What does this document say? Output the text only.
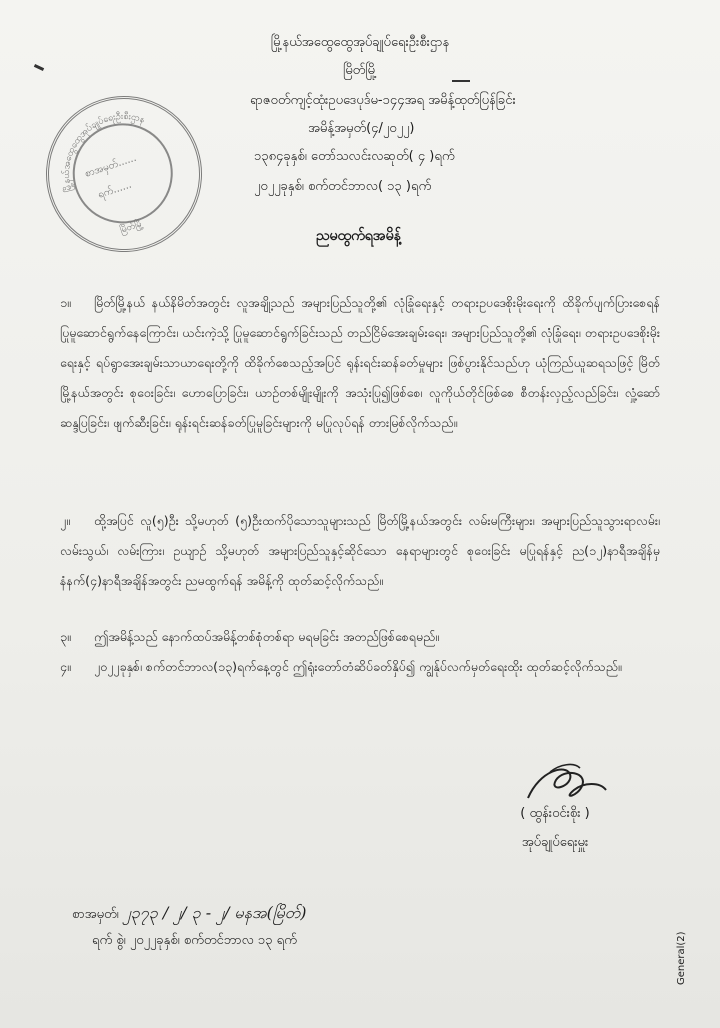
မြို့နယ်အထွေထွေအုပ်ချုပ်ရေးဦးစီးဌာန
စာအမှတ်......
ရက်......
မြိတ်မြို့
မြို့နယ်အထွေထွေအုပ်ချုပ်ရေးဦးစီးဌာန
မြိတ်မြို့
ရာဇဝတ်ကျင့်ထုံးဥပဒေပုဒ်မ-၁၄၄အရ အမိန့်ထုတ်ပြန်ခြင်း
အမိန့်အမှတ်(၄/၂၀၂၂)
၁၃၈၄ခုနှစ်၊ တော်သလင်းလဆုတ်( ၄ )ရက်
၂၀၂၂ခုနှစ်၊ စက်တင်ဘာလ( ၁၃ )ရက်
ညမထွက်ရအမိန့်
၁။ မြိတ်မြို့နယ် နယ်နိမိတ်အတွင်း လူအချို့သည် အများပြည်သူတို့၏ လုံခြုံရေးနှင့် တရားဥပဒေစိုးမိုးရေးကို ထိခိုက်ပျက်ပြားစေရန် ပြုမူဆောင်ရွက်နေကြောင်း၊ ယင်းကဲ့သို့ ပြုမူဆောင်ရွက်ခြင်းသည် တည်ငြိမ်အေးချမ်းရေး၊ အများပြည်သူတို့၏ လုံခြုံရေး၊ တရားဥပဒေစိုးမိုးရေးနှင့် ရပ်ရွာအေးချမ်းသာယာရေးတို့ကို ထိခိုက်စေသည့်အပြင် ရုန်းရင်းဆန်ခတ်မှုများ ဖြစ်ပွားနိုင်သည်ဟု ယုံကြည်ယူဆရသဖြင့် မြိတ်မြို့နယ်အတွင်း စုဝေးခြင်း၊ ဟောပြောခြင်း၊ ယာဉ်တစ်မျိုးမျိုးကို အသုံးပြု၍ဖြစ်စေ၊ လူကိုယ်တိုင်ဖြစ်စေ စီတန်းလှည့်လည်ခြင်း၊ လှုံ့ဆော်ဆန္ဒပြခြင်း၊ ဖျက်ဆီးခြင်း၊ ရုန်းရင်းဆန်ခတ်ပြုမူခြင်းများကို မပြုလုပ်ရန် တားမြစ်လိုက်သည်။
၂။ ထို့အပြင် လူ(၅)ဦး သို့မဟုတ် (၅)ဦးထက်ပိုသောသူများသည် မြိတ်မြို့နယ်အတွင်း လမ်းမကြီးများ၊ အများပြည်သူသွားရာလမ်း၊ လမ်းသွယ်၊ လမ်းကြား၊ ဥယျာဉ် သို့မဟုတ် အများပြည်သူနှင့်ဆိုင်သော နေရာများတွင် စုဝေးခြင်း မပြုရန်နှင့် ည(၁၂)နာရီအချိန်မှ နံနက်(၄)နာရီအချိန်အတွင်း ညမထွက်ရန် အမိန့်ကို ထုတ်ဆင့်လိုက်သည်။
၃။ ဤအမိန့်သည် နောက်ထပ်အမိန့်တစ်စုံတစ်ရာ မရမခြင်း အတည်ဖြစ်စေရမည်။
၄။ ၂၀၂၂ခုနှစ်၊ စက်တင်ဘာလ(၁၃)ရက်နေ့တွင် ဤရုံးတော်တံဆိပ်ခတ်နှိပ်၍ ကျွန်ုပ်လက်မှတ်ရေးထိုး ထုတ်ဆင့်လိုက်သည်။
( ထွန်းဝင်းစိုး )
အုပ်ချုပ်ရေးမှူး
စာအမှတ်၊ ၂၃၇၃ / ၂/ ၃ - ၂/ မနအ(မြိတ်)
ရက် စွဲ၊ ၂၀၂၂ခုနှစ်၊ စက်တင်ဘာလ ၁၃ ရက်	General(2)
